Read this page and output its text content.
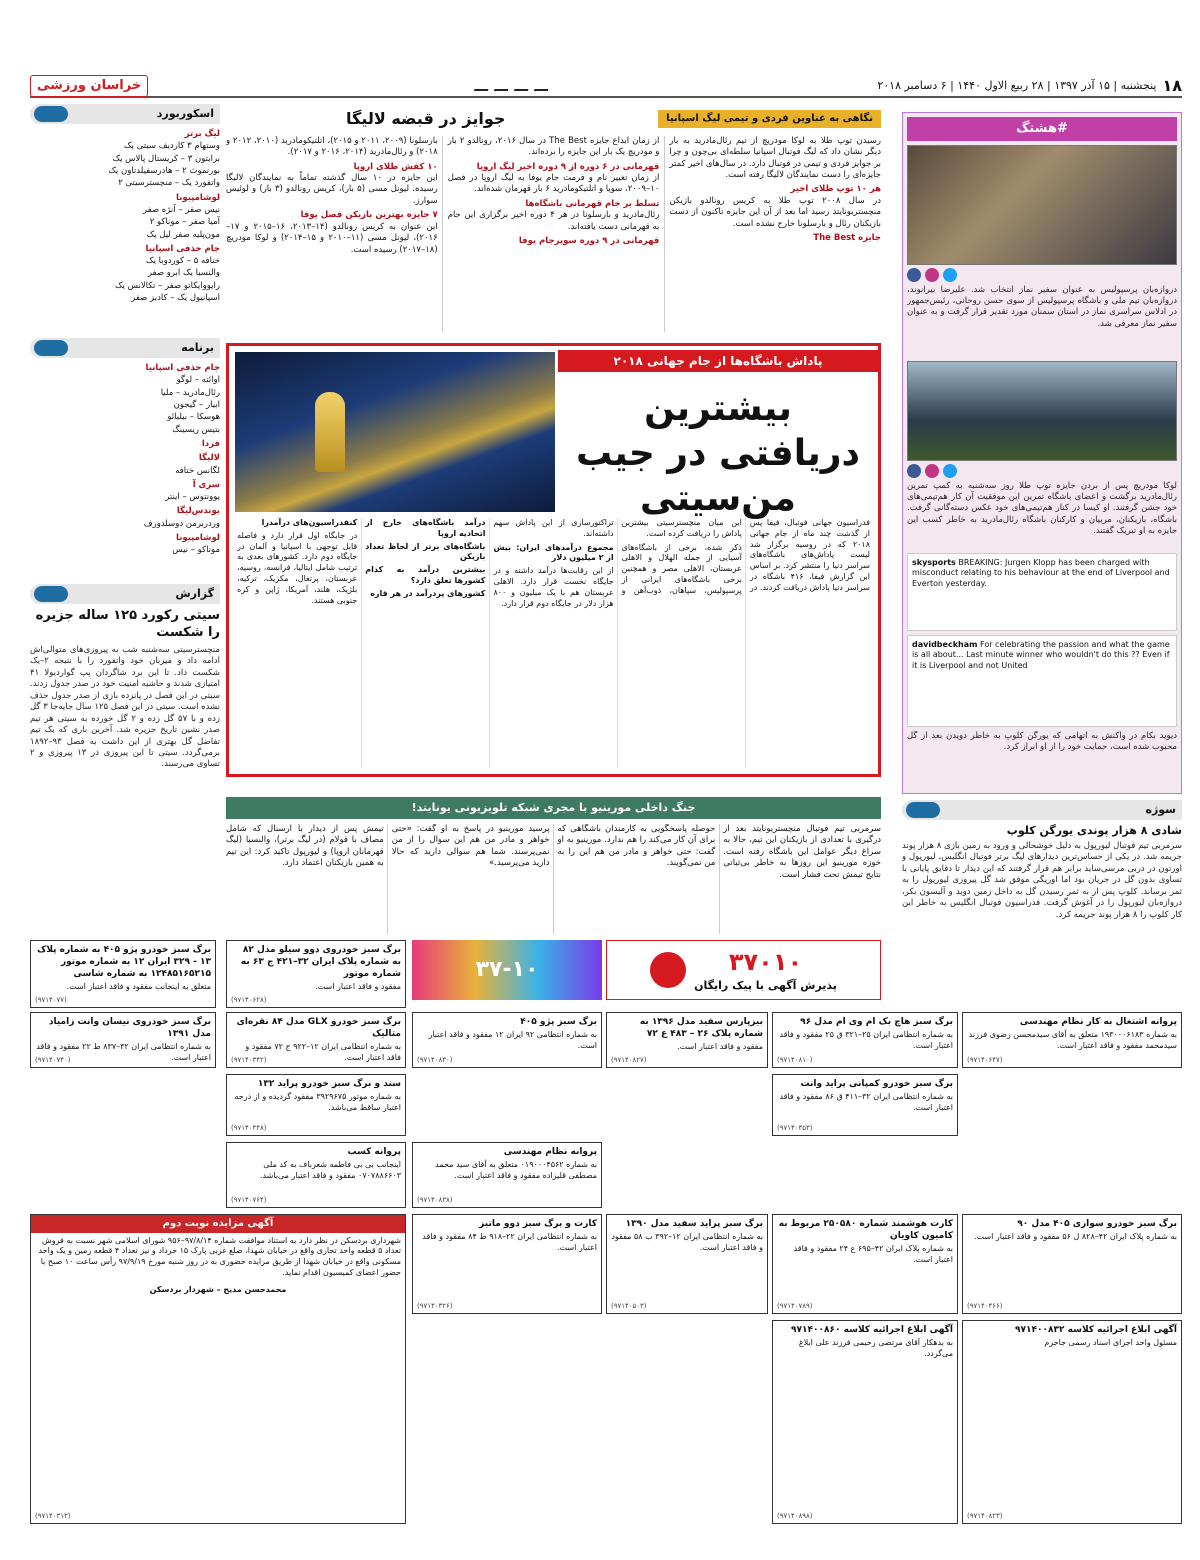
۱۸
پنجشنبه | ۱۵ آذر ۱۳۹۷ | ۲۸ ربیع الاول ۱۴۴۰ | ۶ دسامبر ۲۰۱۸
خراسان ورزشی
#هشتگ
دروازه‌بان پرسپولیس به عنوان سفیر نماز انتخاب شد. علیرضا بیرانوند، دروازه‌بان تیم ملی و باشگاه پرسپولیس از سوی حسن روحانی، رئیس‌جمهور در ادلاس سراسری نماز در استان سمنان مورد تقدیر قرار گرفت و به عنوان سفیر نماز معرفی شد.
لوکا مودریچ پس از بردن جایزه توپ طلا روز سه‌شنبه به کمپ تمرین رئال‌مادرید برگشت و اعضای باشگاه تمرین این موفقیت آن کار هم‌تیمی‌های خود جشن گرفتند. او کیسا در کنار هم‌تیمی‌های خود عکس دسته‌گانی گرفت. باشگاه، بازیکنان، مربیان و کارکنان باشگاه رئال‌مادرید به خاطر کسب این جایزه به او تبریک گفتند.
skysports BREAKING: Jurgen Klopp has been charged with misconduct relating to his behaviour at the end of Liverpool and Everton yesterday.
davidbeckham For celebrating the passion and what the game is all about... Last minute winner who wouldn't do this ?? Even if it is Liverpool and not United
دیوید بکام در واکنش به اتهامی که یورگن کلوپ به خاطر دویدن بعد از گل محبوب شده است، حمایت خود را از او ابراز کرد.
اسکوربورد
لیگ برتر
وستهام ۳ کاردیف سیتی یک
برایتون ۳ – کریستال پالاس یک
بورنموث ۲ – هادرسفیلدتاون یک
واتفورد یک – منچسترسیتی ۲
لوشامپیونا
نیس صفر – آنژه صفر
آمیا صفر – موناکو ۲
مون‌پلیه صفر لیل یک
جام حذفی اسپانیا
خنافه ۵ – کوردوبا یک
والنسیا یک ابرو صفر
رایووایکانو صفر – تکالانس یک
اسپانیول یک – کادیز صفر
برنامه
جام حذفی اسپانیا
اوائته – لوگو
رئال‌مادرید – ملیا
ابیار – گیجون
هوسکا – بیلبائو
بتیس ریسینگ
فردا
لالیگا
لگانس ختافه
سری آ
یوونتوس – اینتر
بوندس‌لیگا
وردربرمن دوسلدورف
لوشامپیونا
موناکو – نیس
گزارش
سیتی رکورد ۱۲۵ ساله جزیره را شکست
منچسترسیتی سه‌شنبه شب به پیروزی‌های متوالی‌اش ادامه داد و میزبان خود واتفورد را با نتیجه ۲–یک شکست داد. تا این برد شاگردان پپ گواردیولا ۴۱ امتیازی شدند و حاشیه امنیت خود در صدر جدول زدند. سیتی در این فصل در پانزده بازی از صدر جدول حذف نشده است. سیتی در این فصل ۱۲۵ سال جایه‌جا ۳ گل زده و با ۵۷ گل زده و ۲ گل خورده به سیتی هر تیم صدر نشین تاریخ جزیره شد. آخرین باری که یک تیم تفاضل گل بهتری از این داشت به فصل ۹۳–۱۸۹۲ برمی‌گردد. سیتی تا این پیروزی در ۱۳ پیروزی و ۲ تساوی می‌رسند.
نگاهی به عناوین فردی و تیمی لیگ اسپانیا
جوایز در قبضه لالیگا

رسیدن توپ طلا به لوکا مودریچ از تیم رئال‌مادرید به بار دیگر نشان داد که لیگ فوتبال اسپانیا سلطه‌ای بی‌چون و چرا بر جوایز فردی و تیمی در فوتبال دارد. در سال‌های اخیر کمتر جایزه‌ای را دست نمایندگان لالیگا رفته است.

هر ۱۰ توپ طلای اخیر

در سال ۲۰۰۸ توپ طلا به کریس رونالدو بازیکن منچستریونایتد رسید اما بعد از آن این جایزه تاکنون از دست بازیکنان رئال و بارسلونا خارج نشده است.

جایزه The Best

از زمان ابداع جایزه The Best در سال ۲۰۱۶، رونالدو ۲ بار و مودریچ یک بار این جایزه را برده‌اند.

قهرمانی در ۶ دوره از ۹ دوره اخیر لیگ اروپا

از زمان تغییر نام و فرمت جام یوفا به لیگ اروپا در فصل ۱۰–۲۰۰۹، سویا و اتلتیکومادرید ۶ بار قهرمان شده‌اند.

تسلط بر جام قهرمانی باشگاه‌ها

رئال‌مادرید و بارسلونا در هر ۴ دوره اخیر برگزاری این جام به قهرمانی دست یافته‌اند.

قهرمانی در ۹ دوره سوپرجام یوفا

بارسلونا (۲۰۰۹، ۲۰۱۱ و ۲۰۱۵)، اتلتیکومادرید (۲۰۱۰، ۲۰۱۲ و ۲۰۱۸) و رئال‌مادرید (۲۰۱۴، ۲۰۱۶ و ۲۰۱۷).

۱۰ کفش طلای اروپا

این جایزه در ۱۰ سال گذشته تماماً به نمایندگان لالیگا رسیده. لیونل مسی (۵ بار)، کریس رونالدو (۳ بار) و لوئیس سوارز.

۷ جایزه بهترین بازیکن فصل یوفا

این عنوان به کریس رونالدو (۱۴–۲۰۱۳، ۱۶–۲۰۱۵ و ۱۷–۲۰۱۶)، لیونل مسی (۱۱–۲۰۱۰ و ۱۵–۲۰۱۴) و لوکا مودریچ (۱۸–۲۰۱۷) رسیده است.

پاداش باشگاه‌ها از جام جهانی ۲۰۱۸
بیشترین دریافتی در جیب من‌سیتی

فدراسیون جهانی فوتبال، فیفا پس از گذشت چند ماه از جام جهانی ۲۰۱۸ که در روسیه برگزار شد لیست پاداش‌های باشگاه‌های سراسر دنیا را منتشر کرد. بر اساس این گزارش فیفا، ۴۱۶ باشگاه در سراسر دنیا پاداش دریافت کردند. در این میان منچسترسیتی بیشترین پاداش را دریافت کرده است.

ذکر شده، برخی از باشگاه‌های آسیایی از جمله الهلال و الاهلی عربستان، الاهلی مصر و همچنین برخی باشگاه‌های ایرانی از پرسپولیس، سپاهان، ذوب‌آهن و تراکتورسازی از این پاداش سهم داشته‌اند.

مجموع درآمدهای ایران: بیش از ۲ میلیون دلار

از این رقابت‌ها درآمد داشته و در جایگاه نخست قرار دارد. الاهلی عربستان هم با یک میلیون و ۸۰۰ هزار دلار در جایگاه دوم قرار دارد.

درآمد باشگاه‌های خارج از اتحادیه اروپا

باشگاه‌های برتر از لحاظ تعداد بازیکن

بیشترین درآمد به کدام کشورها تعلق دارد؟

کشورهای پردرآمد در هر قاره

کنفدراسیون‌های درآمدزا

در جایگاه اول قرار دارد و فاصله قابل توجهی با اسپانیا و آلمان در جایگاه دوم دارد. کشورهای بعدی به ترتیب شامل ایتالیا، فرانسه، روسیه، عربستان، پرتغال، مکزیک، ترکیه، بلژیک، هلند، آمریکا، ژاپن و کره جنوبی هستند.

جنگ داخلی مورینیو با مجری شبکه تلویزیونی یونایتد!

سرمربی تیم فوتبال منچستریونایتد بعد از درگیری با تعدادی از بازیکنان این تیم، حالا به سراغ دیگر عوامل این باشگاه رفته است. خوزه مورینیو این روزها به خاطر بی‌ثباتی نتایج تیمش تحت فشار است.

حوصله پاسخگویی به کارمندان باشگاهی که برای آن کار می‌کند را هم ندارد. مورینیو به او گفت: حتی خواهر و مادر من هم این را به من نمی‌گویند.

پرسید مورینیو در پاسخ به او گفت: «حتی خواهر و مادر من هم این سوال را از من نمی‌پرسند. شما هم سوالی دارید که حالا دارید می‌پرسید.»

تیمش پس از دیدار با آرسنال که شامل مصاف با فولام (در لیگ برتر)، والنسیا (لیگ قهرمانان اروپا) و لیورپول تاکید کرد: این تیم به همین بازیکنان اعتماد دارد.

سوژه
شادی ۸ هزار پوندی یورگن کلوپ
سرمربی تیم فوتبال لیورپول به دلیل خوشحالی و ورود به زمین بازی ۸ هزار پوند جریمه شد. در یکی از حساس‌ترین دیدارهای لیگ برتر فوتبال انگلیس، لیورپول و اورتون در دربی مرسی‌ساید برابر هم قرار گرفتند که این دیدار تا دقایق پایانی با تساوی بدون گل در جریان بود اما اوریگی موفق شد گل پیروزی لیورپول را به ثمر برساند. کلوپ پس از به ثمر رسیدن گل به داخل زمین دوید و آلیسون بکر، دروازه‌بان لیورپول را در آغوش گرفت. فدراسیون فوتبال انگلیس به خاطر این کار کلوپ را ۸ هزار پوند جریمه کرد.
۳۷-۱۰	۳۷۰۱۰
پذیرش آگهی با پیک رایگان
برگ سبز خودرو پژو ۴۰۵ به شماره پلاک ۱۳ - ۳۲۹ ایران ۱۲ به شماره موتور ۱۲۴۸۵۱۶۵۲۱۵ به شماره شاسی
متعلق به اینجانب مفقود و فاقد اعتبار است.
(۹۷۱۴۰۷۷)
برگ سبز خودروی دوو سیلو مدل ۸۲ به شماره پلاک ایران ۳۲–۴۲۱ ج ۶۳ به شماره موتور
مفقود و فاقد اعتبار است.
(۹۷۱۴۰۶۲۸)
برگ سبز خودروی نیسان وانت زامیاد مدل ۱۳۹۱
به شماره انتظامی ایران ۳۲–۸۳۷ ط ۲۲ مفقود و فاقد اعتبار است.
(۹۷۱۴۰۷۴۰)
برگ سبز خودرو GLX مدل ۸۴ نقره‌ای متالیک
به شماره انتظامی ایران ۱۲–۹۲۲ ج ۷۲ مفقود و فاقد اعتبار است.
(۹۷۱۴۰۳۴۲)
برگ سبز پژو ۴۰۵
به شماره انتظامی ۹۲ ایران ۱۲ مفقود و فاقد اعتبار است.
(۹۷۱۴۰۸۳۰)
بیزپارس سفید مدل ۱۳۹۶ به شماره پلاک ۲۶ – ۴۸۳ ع ۷۲
مفقود و فاقد اعتبار است.
(۹۷۱۴۰۸۲۷)
برگ سبز هاچ بک ام وی ام مدل ۹۶
به شماره انتظامی ایران ۲۵–۳۲۱ ق ۲۵ مفقود و فاقد اعتبار است.
(۹۷۱۴۰۸۱۰)
پروانه اشتغال به کار نظام مهندسی
به شماره ۱۹۳۰۰۰۶۱۸۳ متعلق به آقای سیدمحسن رضوی فرزند سیدمحمد مفقود و فاقد اعتبار است.
(۹۷۱۴۰۶۴۷)
سند و برگ سبز خودرو پراید ۱۳۲
به شماره موتور ۳۹۲۹۶۷۵ مفقود گردیده و از درجه اعتبار ساقط می‌باشد.
(۹۷۱۴۰۴۴۸)
برگ سبز خودرو کمپانی پراید وانت
به شماره انتظامی ایران ۳۲–۴۱۱ ق ۸۶ مفقود و فاقد اعتبار است.
(۹۷۱۴۰۳۵۳)
پروانه کسب
اینجانب بی بی فاطمه شعرباف به کد ملی ۰۷۰۷۸۸۶۶۰۳ مفقود و فاقد اعتبار می‌باشد.
(۹۷۱۴۰۷۶۴)
پروانه نظام مهندسی
به شماره ۰۱۹۰۰۰۴۵۶۲ متعلق به آقای سید محمد مصطفی قلیزاده مفقود و فاقد اعتبار است.
(۹۷۱۴۰۸۳۸)
آگهی مزایده نوبت دوم
شهرداری بردسکن در نظر دارد به استناد موافقت شماره ۹۷/۸/۱۴–۹۵۶ شورای اسلامی شهر نسبت به فروش تعداد ۵ قطعه واحد تجاری واقع در خیابان شهدا، ضلع غربی پارک ۱۵ خرداد و نیز تعداد ۴ قطعه زمین و یک واحد مسکونی واقع در خیابان شهدا از طریق مزایده حضوری به در روز شنبه مورخ ۹۷/۹/۱۹ رأس ساعت ۱۰ صبح با حضور اعضای کمیسیون اقدام نماید.
محمدحسن مدیح – شهردار بردسکن
(۹۷۱۴۰۳۱۳)
کارت و برگ سبز دوو ماتیز
به شماره انتظامی ایران ۲۲–۹۱۸ ط ۸۴ مفقود و فاقد اعتبار است.
(۹۷۱۴۰۳۲۶)
برگ سبز پراید سفید مدل ۱۳۹۰
به شماره انتظامی ایران ۱۲–۳۹۲ ب ۵۸ مفقود و فاقد اعتبار است.
(۹۷۱۴۰۵۰۳)
کارت هوشمند شماره ۲۵۰۵۸۰ مربوط به کامیون کاویان
به شماره پلاک ایران ۴۲–۶۹۵ ع ۲۴ مفقود و فاقد اعتبار است.
(۹۷۱۴۰۷۸۹)
برگ سبز خودرو سواری ۴۰۵ مدل ۹۰
به شماره پلاک ایران ۴۲–۸۲۸ ل ۵۶ مفقود و فاقد اعتبار است.
(۹۷۱۴۰۴۶۶)
آگهی ابلاغ اجرائیه کلاسه ۹۷۱۴۰۰۸۶۰
به بدهکار آقای مرتضی رحیمی فرزند علی ابلاغ می‌گردد.
(۹۷۱۴۰۸۹۸)
آگهی ابلاغ اجرائیه کلاسه ۹۷۱۴۰۰۸۳۲
مسئول واحد اجرای اسناد رسمی جاجرم
(۹۷۱۴۰۸۲۳)
